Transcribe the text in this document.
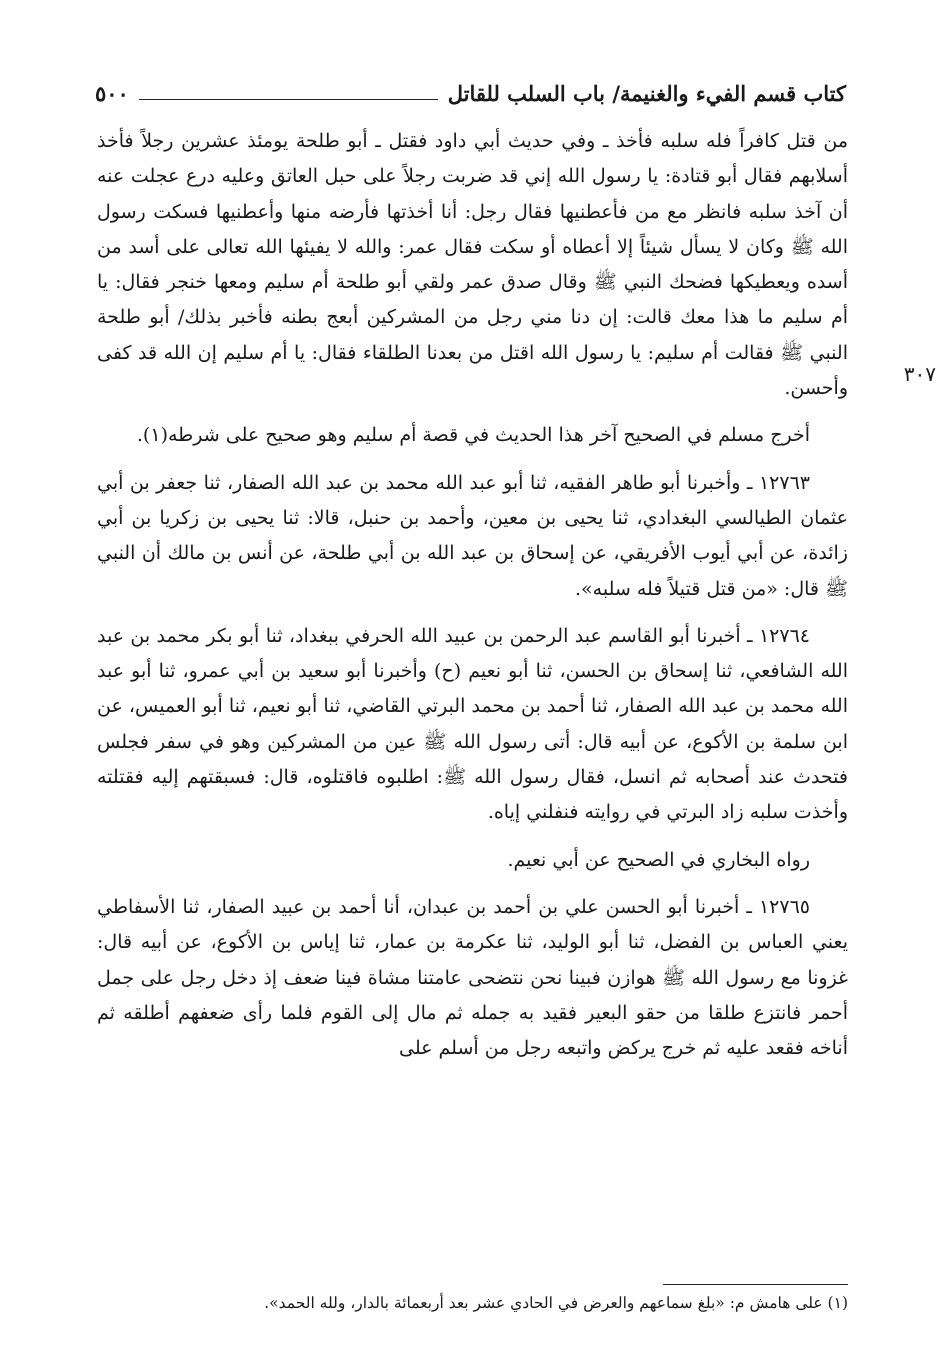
كتاب قسم الفيء والغنيمة/ باب السلب للقاتل
٥٠٠
٣٠٧

من قتل كافراً فله سلبه فأخذ ـ وفي حديث أبي داود فقتل ـ أبو طلحة يومئذ عشرين رجلاً فأخذ أسلابهم فقال أبو قتادة: يا رسول الله إني قد ضربت رجلاً على حبل العاتق وعليه درع عجلت عنه أن آخذ سلبه فانظر مع من فأعطنيها فقال رجل: أنا أخذتها فأرضه منها وأعطنيها فسكت رسول الله ﷺ وكان لا يسأل شيئاً إلا أعطاه أو سكت فقال عمر: والله لا يفيئها الله تعالى على أسد من أسده ويعطيكها فضحك النبي ﷺ وقال صدق عمر ولقي أبو طلحة أم سليم ومعها خنجر فقال: يا أم سليم ما هذا معك قالت: إن دنا مني رجل من المشركين أبعج بطنه فأخبر بذلك/ أبو طلحة النبي ﷺ فقالت أم سليم: يا رسول الله اقتل من بعدنا الطلقاء فقال: يا أم سليم إن الله قد كفى وأحسن.

أخرج مسلم في الصحيح آخر هذا الحديث في قصة أم سليم وهو صحيح على شرطه(١).

١٢٧٦٣ ـ وأخبرنا أبو طاهر الفقيه، ثنا أبو عبد الله محمد بن عبد الله الصفار، ثنا جعفر بن أبي عثمان الطيالسي البغدادي، ثنا يحيى بن معين، وأحمد بن حنبل، قالا: ثنا يحيى بن زكريا بن أبي زائدة، عن أبي أيوب الأفريقي، عن إسحاق بن عبد الله بن أبي طلحة، عن أنس بن مالك أن النبي ﷺ قال: «من قتل قتيلاً فله سلبه».

١٢٧٦٤ ـ أخبرنا أبو القاسم عبد الرحمن بن عبيد الله الحرفي ببغداد، ثنا أبو بكر محمد بن عبد الله الشافعي، ثنا إسحاق بن الحسن، ثنا أبو نعيم (ح) وأخبرنا أبو سعيد بن أبي عمرو، ثنا أبو عبد الله محمد بن عبد الله الصفار، ثنا أحمد بن محمد البرتي القاضي، ثنا أبو نعيم، ثنا أبو العميس، عن ابن سلمة بن الأكوع، عن أبيه قال: أتى رسول الله ﷺ عين من المشركين وهو في سفر فجلس فتحدث عند أصحابه ثم انسل، فقال رسول الله ﷺ: اطلبوه فاقتلوه، قال: فسبقتهم إليه فقتلته وأخذت سلبه زاد البرتي في روايته فنفلني إياه.

رواه البخاري في الصحيح عن أبي نعيم.

١٢٧٦٥ ـ أخبرنا أبو الحسن علي بن أحمد بن عبدان، أنا أحمد بن عبيد الصفار، ثنا الأسفاطي يعني العباس بن الفضل، ثنا أبو الوليد، ثنا عكرمة بن عمار، ثنا إياس بن الأكوع، عن أبيه قال: غزونا مع رسول الله ﷺ هوازن فبينا نحن نتضحى عامتنا مشاة فينا ضعف إذ دخل رجل على جمل أحمر فانتزع طلقا من حقو البعير فقيد به جمله ثم مال إلى القوم فلما رأى ضعفهم أطلقه ثم أناخه فقعد عليه ثم خرج يركض واتبعه رجل من أسلم على

(١) على هامش م: «بلغ سماعهم والعرض في الحادي عشر بعد أربعمائة بالدار، ولله الحمد».
